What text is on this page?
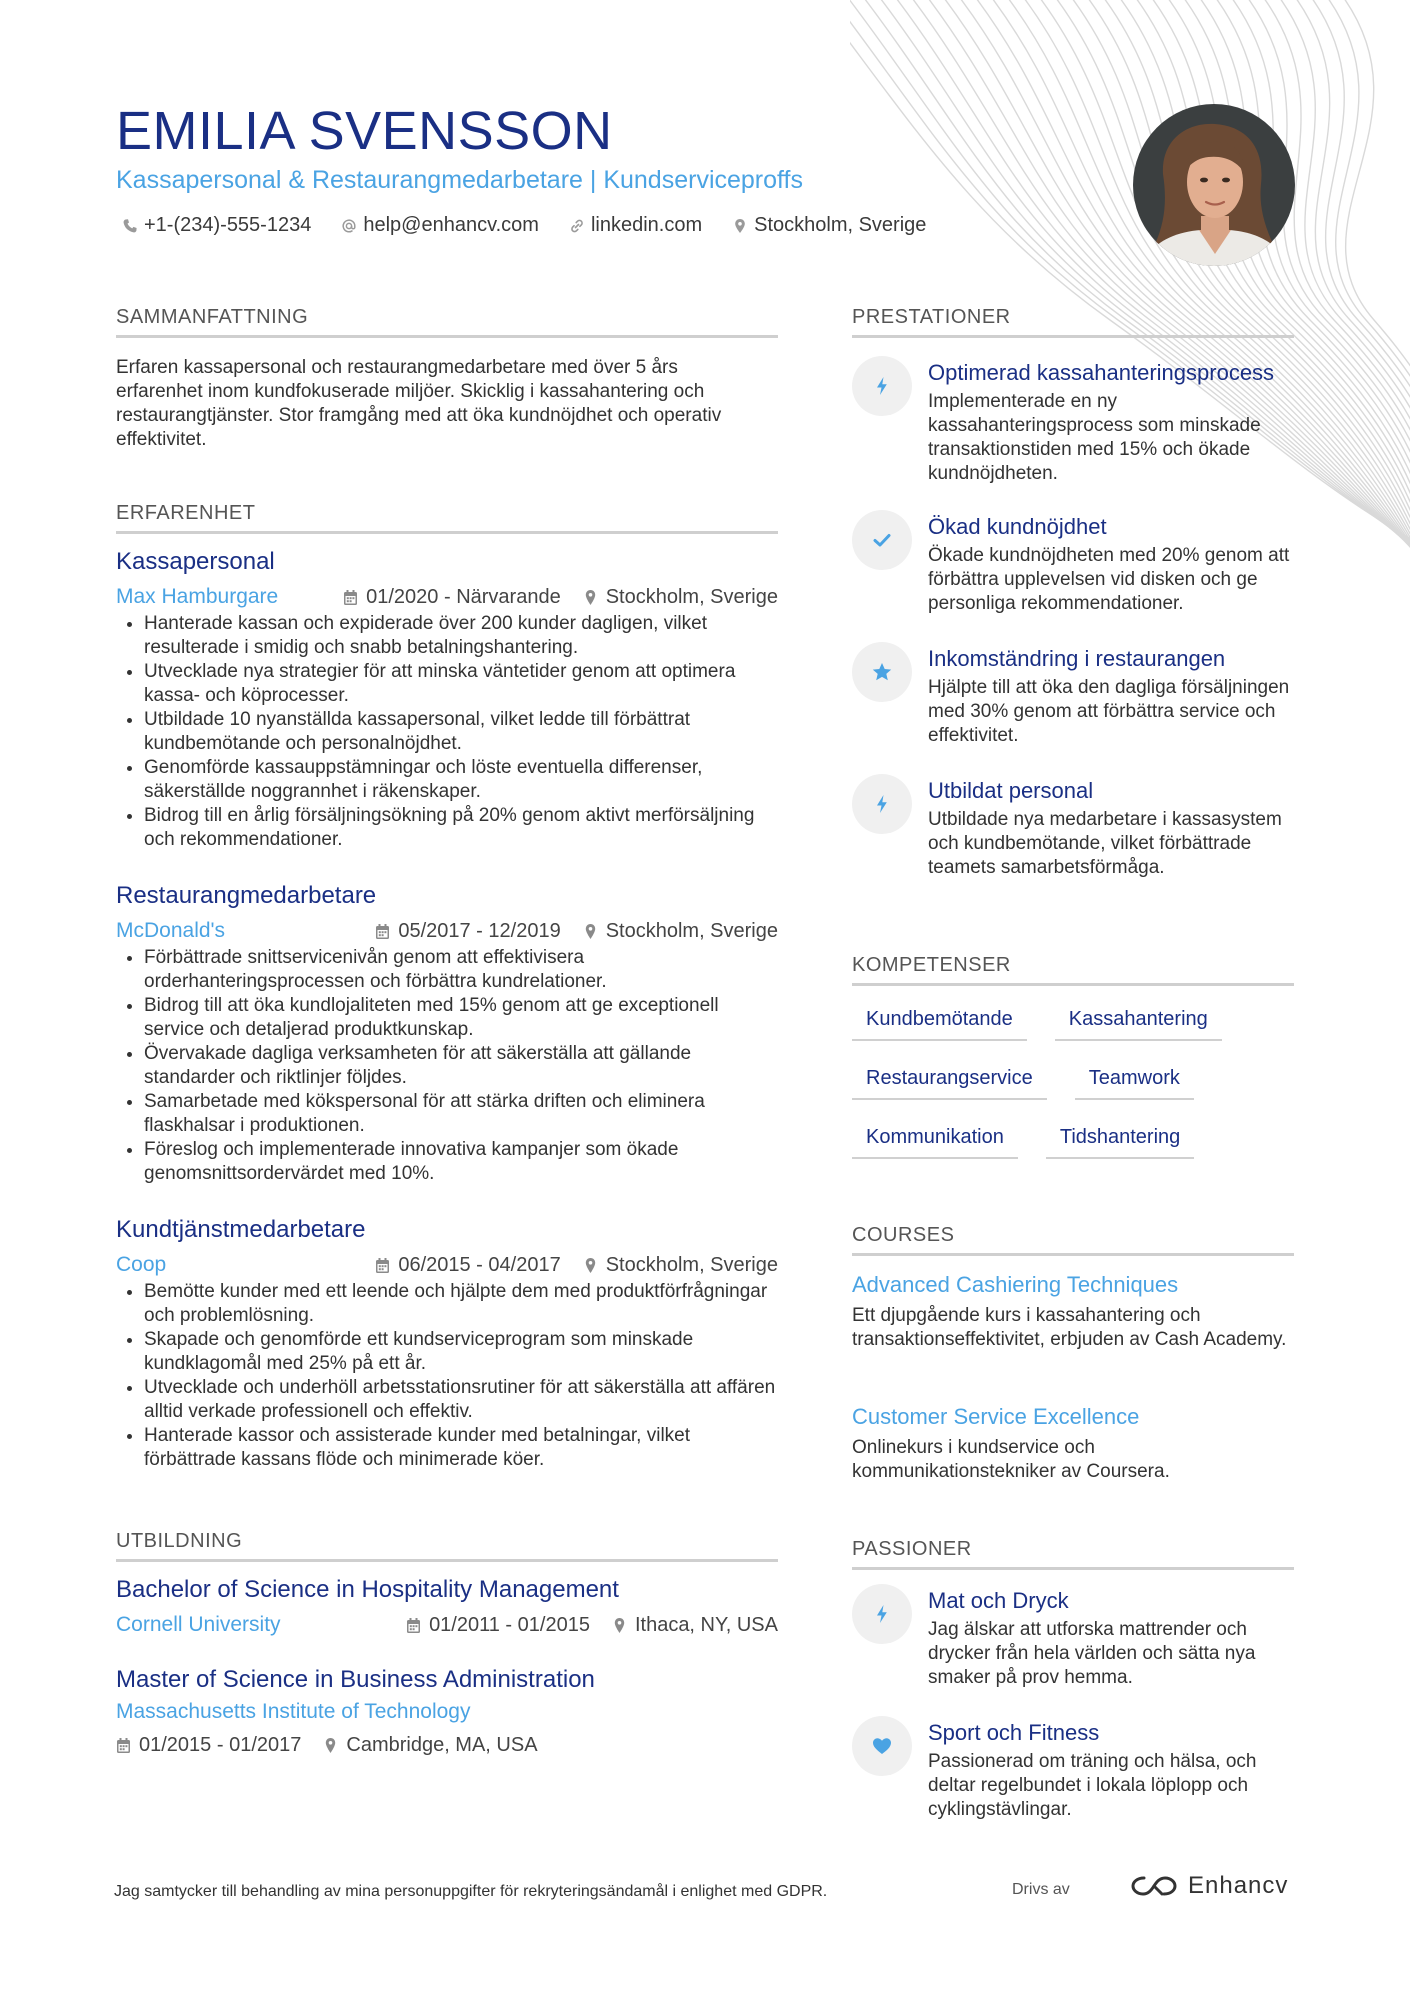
EMILIA SVENSSON
Kassapersonal & Restaurangmedarbetare | Kundserviceproffs
+1-(234)-555-1234	help@enhancv.com	linkedin.com	Stockholm, Sverige
SAMMANFATTNING
Erfaren kassapersonal och restaurangmedarbetare med över 5 års erfarenhet inom kundfokuserade miljöer. Skicklig i kassahantering och restaurangtjänster. Stor framgång med att öka kundnöjdhet och operativ effektivitet.
ERFARENHET
Kassapersonal
Max Hamburgare	01/2020 - Närvarande Stockholm, Sverige
• Hanterade kassan och expiderade över 200 kunder dagligen, vilket resulterade i smidig och snabb betalningshantering.
• Utvecklade nya strategier för att minska väntetider genom att optimera kassa- och köprocesser.
• Utbildade 10 nyanställda kassapersonal, vilket ledde till förbättrat kundbemötande och personalnöjdhet.
• Genomförde kassauppstämningar och löste eventuella differenser, säkerställde noggrannhet i räkenskaper.
• Bidrog till en årlig försäljningsökning på 20% genom aktivt merförsäljning och rekommendationer.
Restaurangmedarbetare
McDonald's	05/2017 - 12/2019 Stockholm, Sverige
• Förbättrade snittservicenivån genom att effektivisera orderhanteringsprocessen och förbättra kundrelationer.
• Bidrog till att öka kundlojaliteten med 15% genom att ge exceptionell service och detaljerad produktkunskap.
• Övervakade dagliga verksamheten för att säkerställa att gällande standarder och riktlinjer följdes.
• Samarbetade med kökspersonal för att stärka driften och eliminera flaskhalsar i produktionen.
• Föreslog och implementerade innovativa kampanjer som ökade genomsnittsordervärdet med 10%.
Kundtjänstmedarbetare
Coop	06/2015 - 04/2017 Stockholm, Sverige
• Bemötte kunder med ett leende och hjälpte dem med produktförfrågningar och problemlösning.
• Skapade och genomförde ett kundserviceprogram som minskade kundklagomål med 25% på ett år.
• Utvecklade och underhöll arbetsstationsrutiner för att säkerställa att affären alltid verkade professionell och effektiv.
• Hanterade kassor och assisterade kunder med betalningar, vilket förbättrade kassans flöde och minimerade köer.
UTBILDNING
Bachelor of Science in Hospitality Management
Cornell University	01/2011 - 01/2015 Ithaca, NY, USA
Master of Science in Business Administration
Massachusetts Institute of Technology
01/2015 - 01/2017 Cambridge, MA, USA
PRESTATIONER
Optimerad kassahanteringsprocess
Implementerade en ny kassahanteringsprocess som minskade transaktionstiden med 15% och ökade kundnöjdheten.
Ökad kundnöjdhet
Ökade kundnöjdheten med 20% genom att förbättra upplevelsen vid disken och ge personliga rekommendationer.
Inkomständring i restaurangen
Hjälpte till att öka den dagliga försäljningen med 30% genom att förbättra service och effektivitet.
Utbildat personal
Utbildade nya medarbetare i kassasystem och kundbemötande, vilket förbättrade teamets samarbetsförmåga.
KOMPETENSER
Kundbemötande	Kassahantering
Restaurangservice	Teamwork
Kommunikation	Tidshantering
COURSES
Advanced Cashiering Techniques
Ett djupgående kurs i kassahantering och transaktionseffektivitet, erbjuden av Cash Academy.
Customer Service Excellence
Onlinekurs i kundservice och kommunikationstekniker av Coursera.
PASSIONER
Mat och Dryck
Jag älskar att utforska mattrender och drycker från hela världen och sätta nya smaker på prov hemma.
Sport och Fitness
Passionerad om träning och hälsa, och deltar regelbundet i lokala löplopp och cyklingstävlingar.
Jag samtycker till behandling av mina personuppgifter för rekryteringsändamål i enlighet med GDPR.	Drivs av	Enhancv
